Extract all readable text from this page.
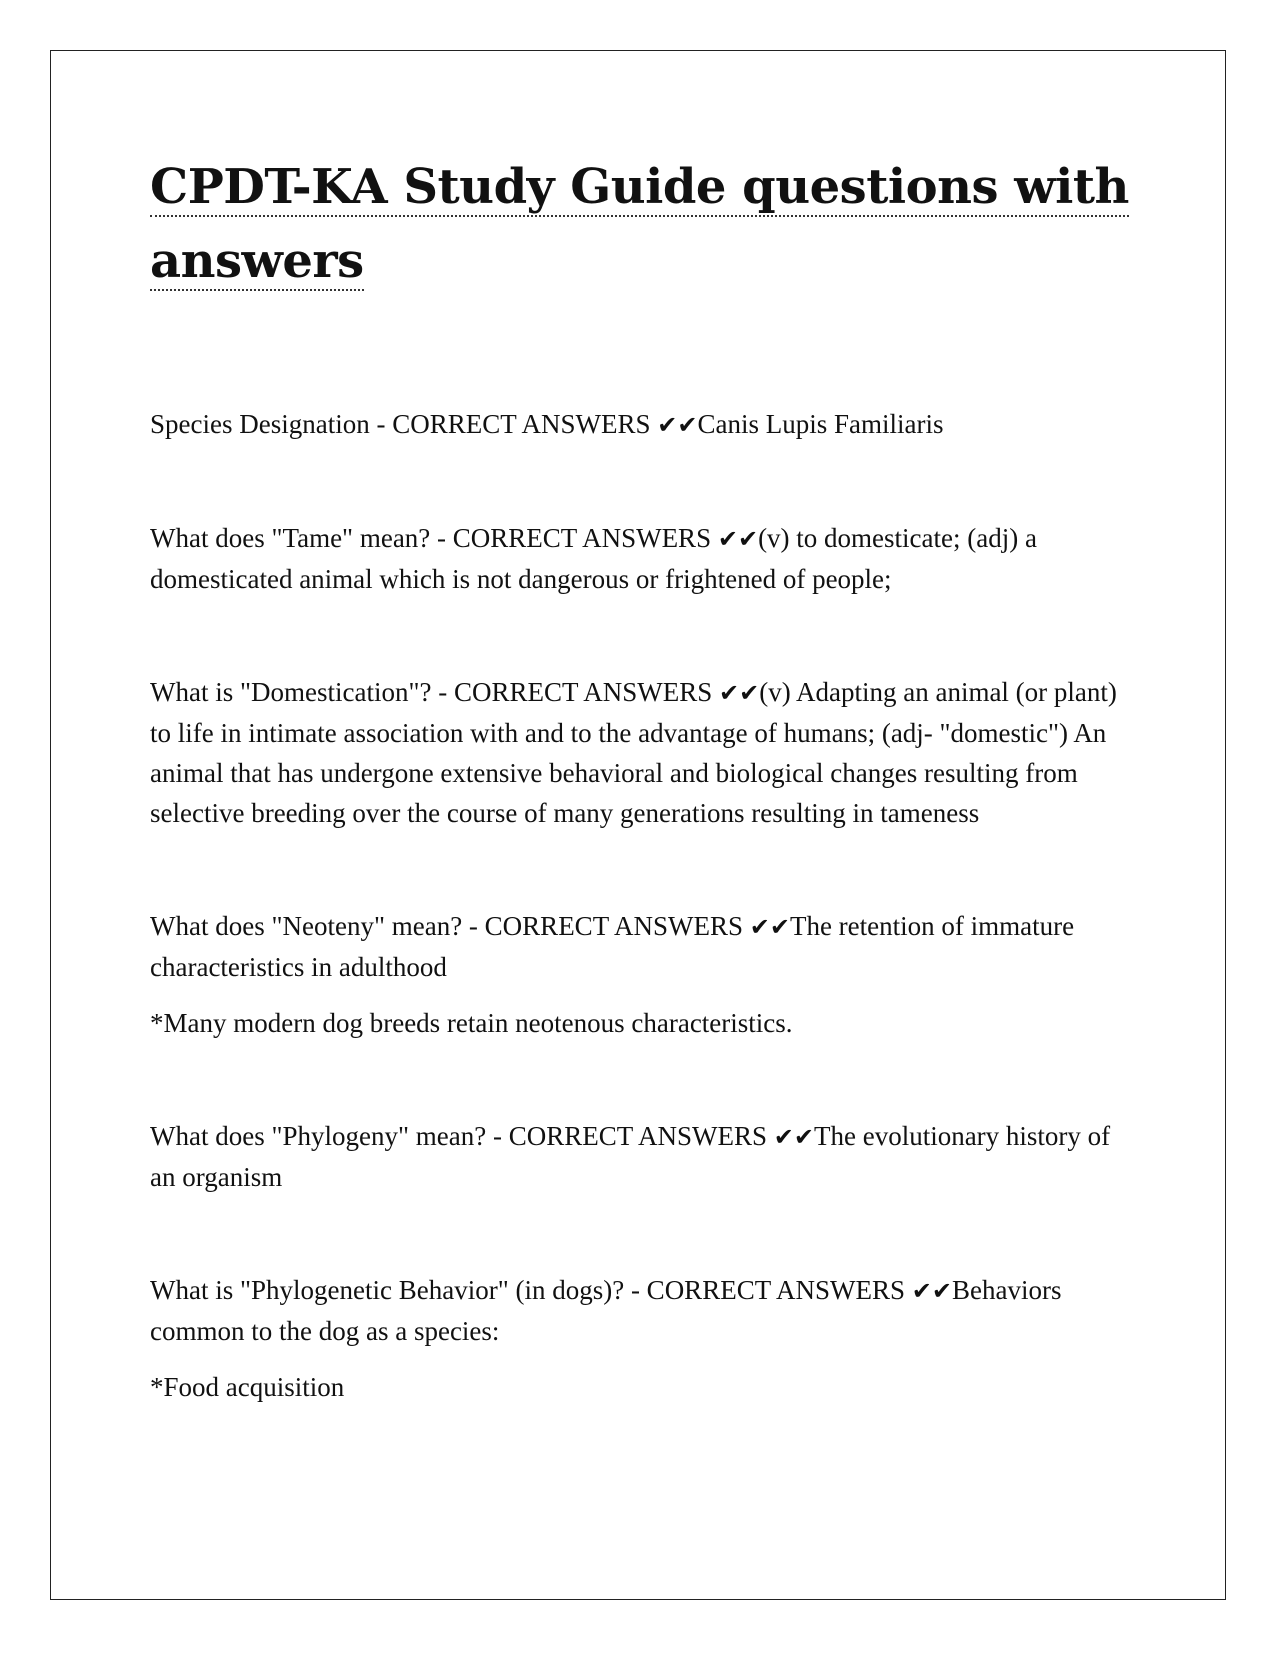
CPDT-KA Study Guide questions with answers

Species Designation - CORRECT ANSWERS ✔✔Canis Lupis Familiaris

What does "Tame" mean? - CORRECT ANSWERS ✔✔(v) to domesticate; (adj) a domesticated animal which is not dangerous or frightened of people;

What is "Domestication"? - CORRECT ANSWERS ✔✔(v) Adapting an animal (or plant) to life in intimate association with and to the advantage of humans; (adj- "domestic") An animal that has undergone extensive behavioral and biological changes resulting from selective breeding over the course of many generations resulting in tameness

What does "Neoteny" mean? - CORRECT ANSWERS ✔✔The retention of immature characteristics in adulthood

*Many modern dog breeds retain neotenous characteristics.

What does "Phylogeny" mean? - CORRECT ANSWERS ✔✔The evolutionary history of an organism

What is "Phylogenetic Behavior" (in dogs)? - CORRECT ANSWERS ✔✔Behaviors common to the dog as a species:

*Food acquisition
